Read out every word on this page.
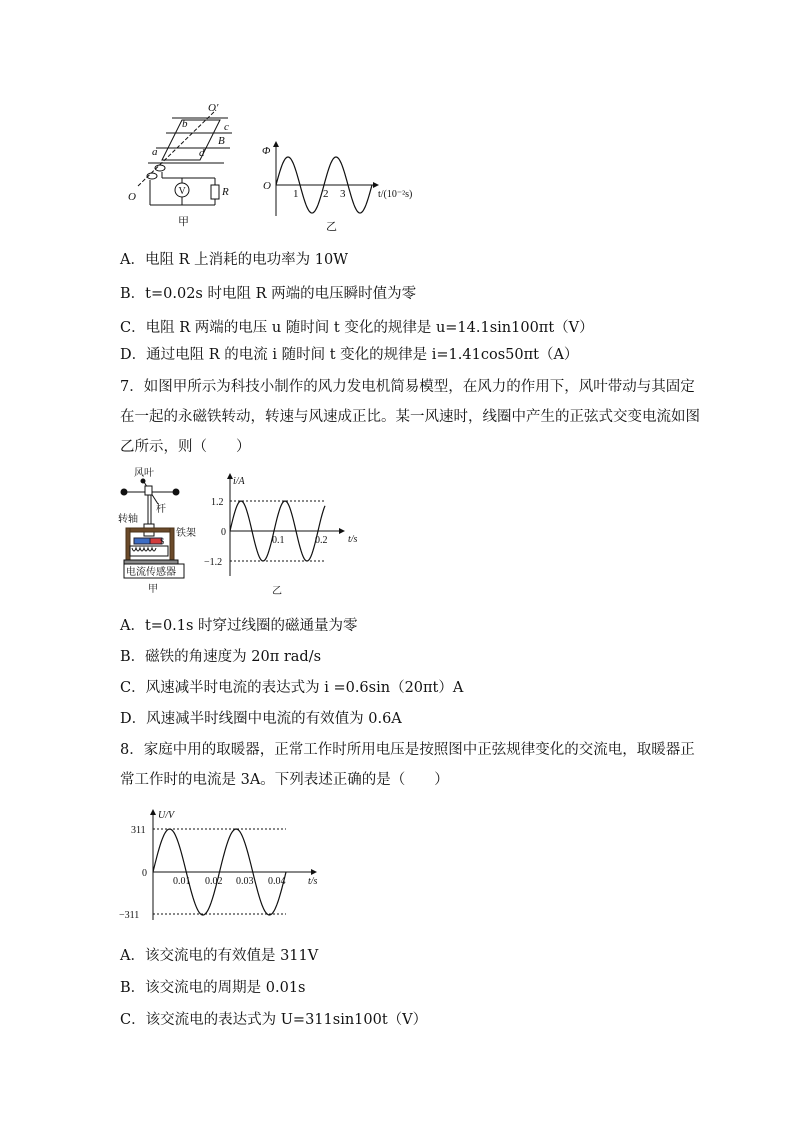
O′
b	c
B
a	d
O	R
V
甲
Φ
O
1 2 3	t/(10⁻²s)
乙
A．电阻 R 上消耗的电功率为 10W
B．t=0.02s 时电阻 R 两端的电压瞬时值为零
C．电阻 R 两端的电压 u 随时间 t 变化的规律是 u=14.1sin100πt（V）
D．通过电阻 R 的电流 i 随时间 t 变化的规律是 i=1.41cos50πt（A）
7．如图甲所示为科技小制作的风力发电机简易模型，在风力的作用下，风叶带动与其固定
在一起的永磁铁转动，转速与风速成正比。某一风速时，线圈中产生的正弦式交变电流如图
乙所示，则（　　）
风叶
转轴
杆
铁架
S
电流传感器
甲
i/A
1.2
0
−1.2
0.1	0.2 t/s
乙
A．t=0.1s 时穿过线圈的磁通量为零
B．磁铁的角速度为 20π rad/s
C．风速减半时电流的表达式为 i =0.6sin（20πt）A
D．风速减半时线圈中电流的有效值为 0.6A
8．家庭中用的取暖器，正常工作时所用电压是按照图中正弦规律变化的交流电，取暖器正
常工作时的电流是 3A。下列表述正确的是（　　）
U/V
311
0
−311
0.01 0.02 0.03 0.04 t/s
A．该交流电的有效值是 311V
B．该交流电的周期是 0.01s
C．该交流电的表达式为 U=311sin100t（V）
